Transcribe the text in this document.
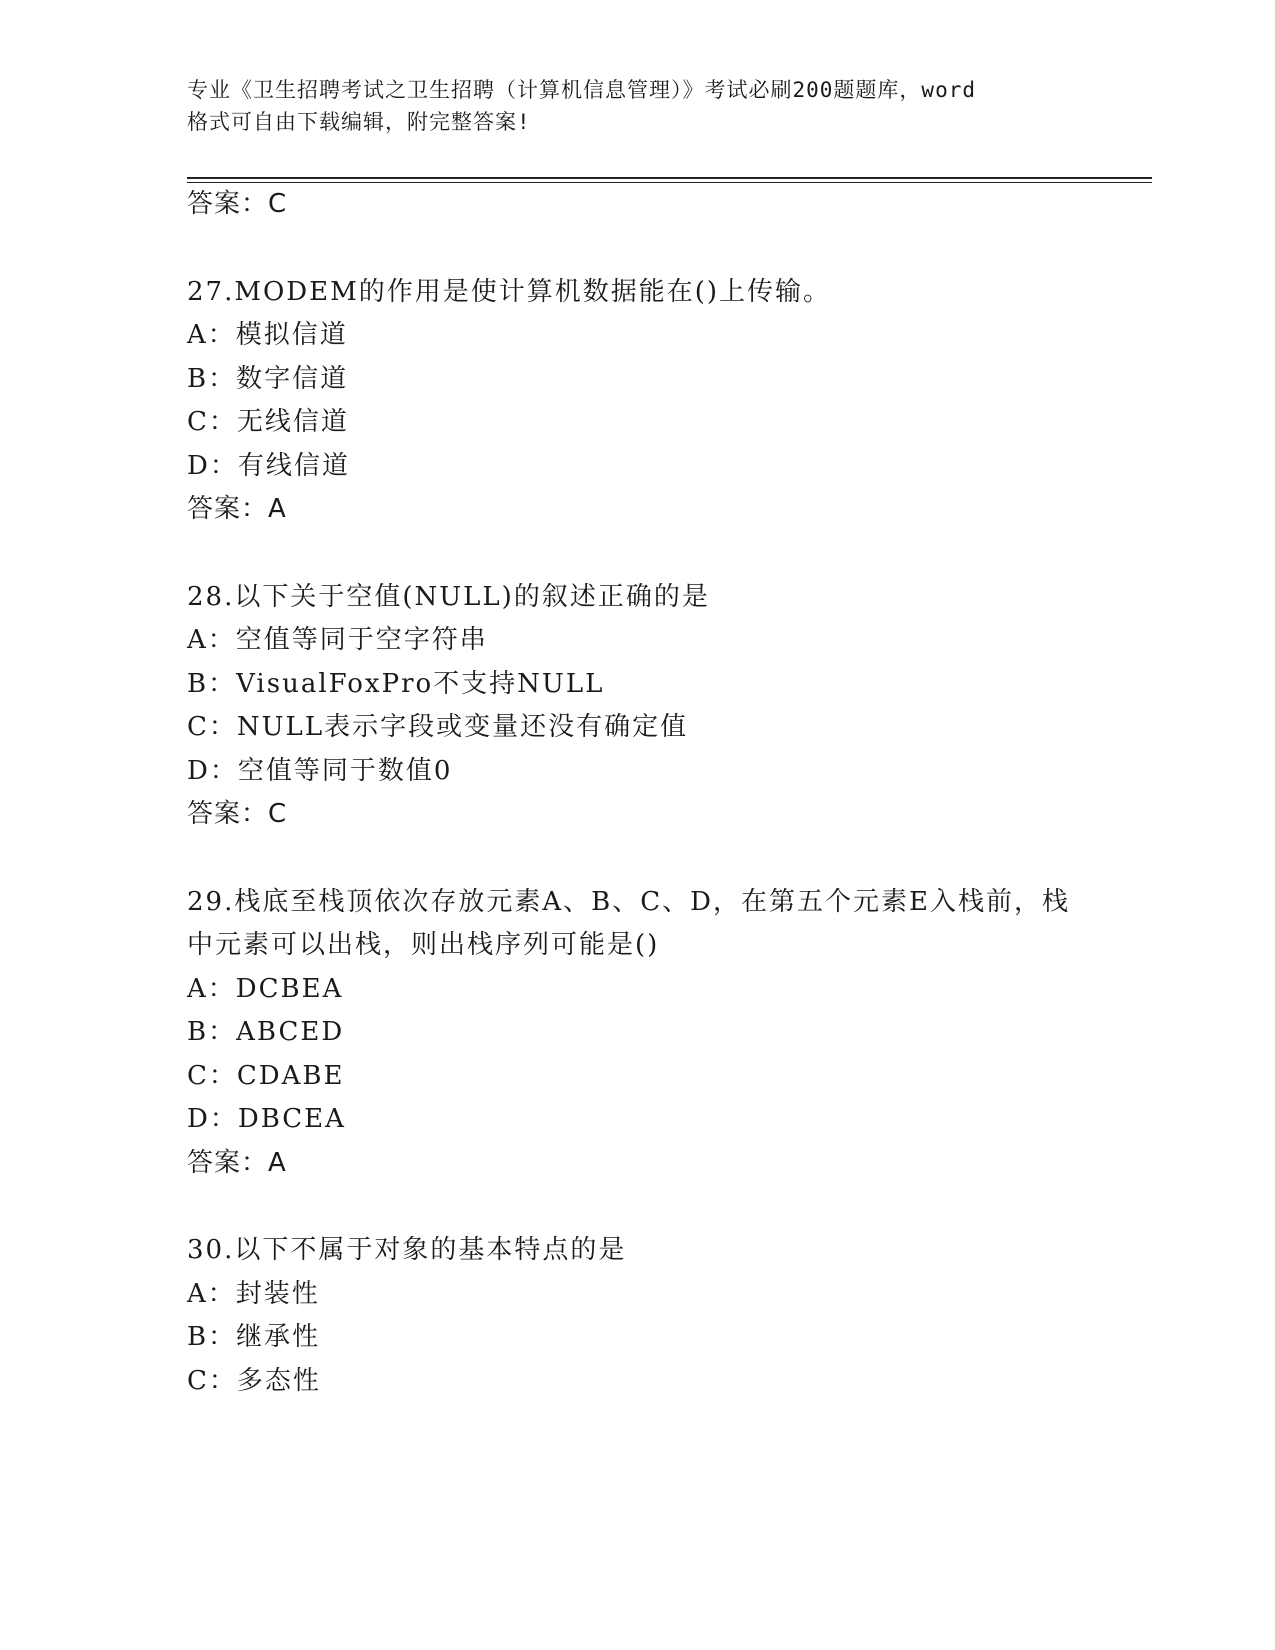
专业《卫生招聘考试之卫生招聘（计算机信息管理）》考试必刷200题题库，word
格式可自由下载编辑，附完整答案!
答案：C
27.MODEM的作用是使计算机数据能在()上传输。
A：模拟信道
B：数字信道
C：无线信道
D：有线信道
答案：A
28.以下关于空值(NULL)的叙述正确的是
A：空值等同于空字符串
B：VisualFoxPro不支持NULL
C：NULL表示字段或变量还没有确定值
D：空值等同于数值0
答案：C
29.栈底至栈顶依次存放元素A、B、C、D，在第五个元素E入栈前，栈
中元素可以出栈，则出栈序列可能是()
A：DCBEA
B：ABCED
C：CDABE
D：DBCEA
答案：A
30.以下不属于对象的基本特点的是
A：封装性
B：继承性
C：多态性
